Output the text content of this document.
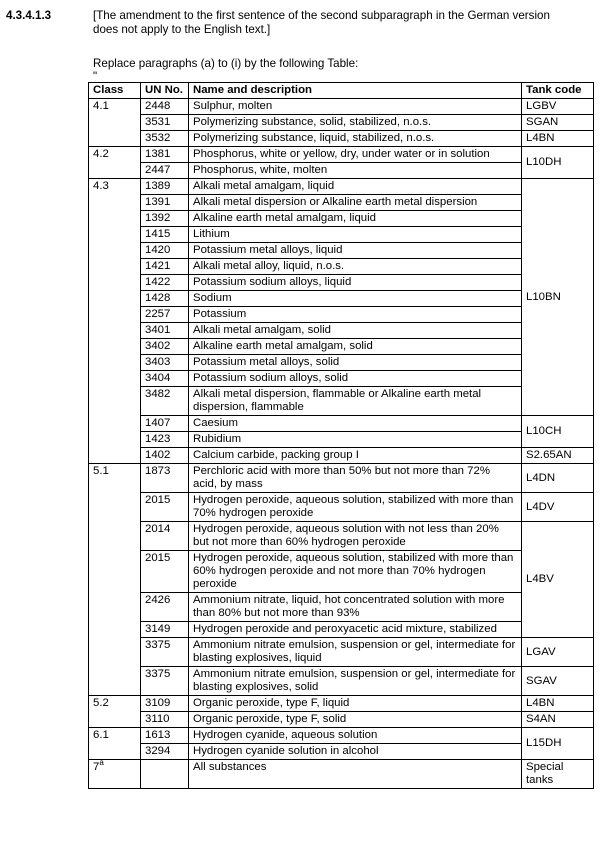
4.3.4.1.3	[The amendment to the first sentence of the second subparagraph in the German version does not apply to the English text.]
Replace paragraphs (a) to (i) by the following Table:
"
Class	UN No.	Name and description	Tank code
4.1	2448	Sulphur, molten	LGBV
	3531	Polymerizing substance, solid, stabilized, n.o.s.	SGAN
	3532	Polymerizing substance, liquid, stabilized, n.o.s.	L4BN
4.2	1381	Phosphorus, white or yellow, dry, under water or in solution	L10DH
	2447	Phosphorus, white, molten	
4.3	1389	Alkali metal amalgam, liquid	L10BN
	1391	Alkali metal dispersion or Alkaline earth metal dispersion	
	1392	Alkaline earth metal amalgam, liquid	
	1415	Lithium	
	1420	Potassium metal alloys, liquid	
	1421	Alkali metal alloy, liquid, n.o.s.	
	1422	Potassium sodium alloys, liquid	
	1428	Sodium	
	2257	Potassium	
	3401	Alkali metal amalgam, solid	
	3402	Alkaline earth metal amalgam, solid	
	3403	Potassium metal alloys, solid	
	3404	Potassium sodium alloys, solid	
	3482	Alkali metal dispersion, flammable or Alkaline earth metal dispersion, flammable	
	1407	Caesium	L10CH
	1423	Rubidium	
	1402	Calcium carbide, packing group I	S2.65AN
5.1	1873	Perchloric acid with more than 50% but not more than 72% acid, by mass	L4DN
	2015	Hydrogen peroxide, aqueous solution, stabilized with more than 70% hydrogen peroxide	L4DV
	2014	Hydrogen peroxide, aqueous solution with not less than 20% but not more than 60% hydrogen peroxide	L4BV
	2015	Hydrogen peroxide, aqueous solution, stabilized with more than 60% hydrogen peroxide and not more than 70% hydrogen peroxide	
	2426	Ammonium nitrate, liquid, hot concentrated solution with more than 80% but not more than 93%	
	3149	Hydrogen peroxide and peroxyacetic acid mixture, stabilized	
	3375	Ammonium nitrate emulsion, suspension or gel, intermediate for blasting explosives, liquid	LGAV
	3375	Ammonium nitrate emulsion, suspension or gel, intermediate for blasting explosives, solid	SGAV
5.2	3109	Organic peroxide, type F, liquid	L4BN
	3110	Organic peroxide, type F, solid	S4AN
6.1	1613	Hydrogen cyanide, aqueous solution	L15DH
	3294	Hydrogen cyanide solution in alcohol	
7$^a$		All substances	Special tanks
